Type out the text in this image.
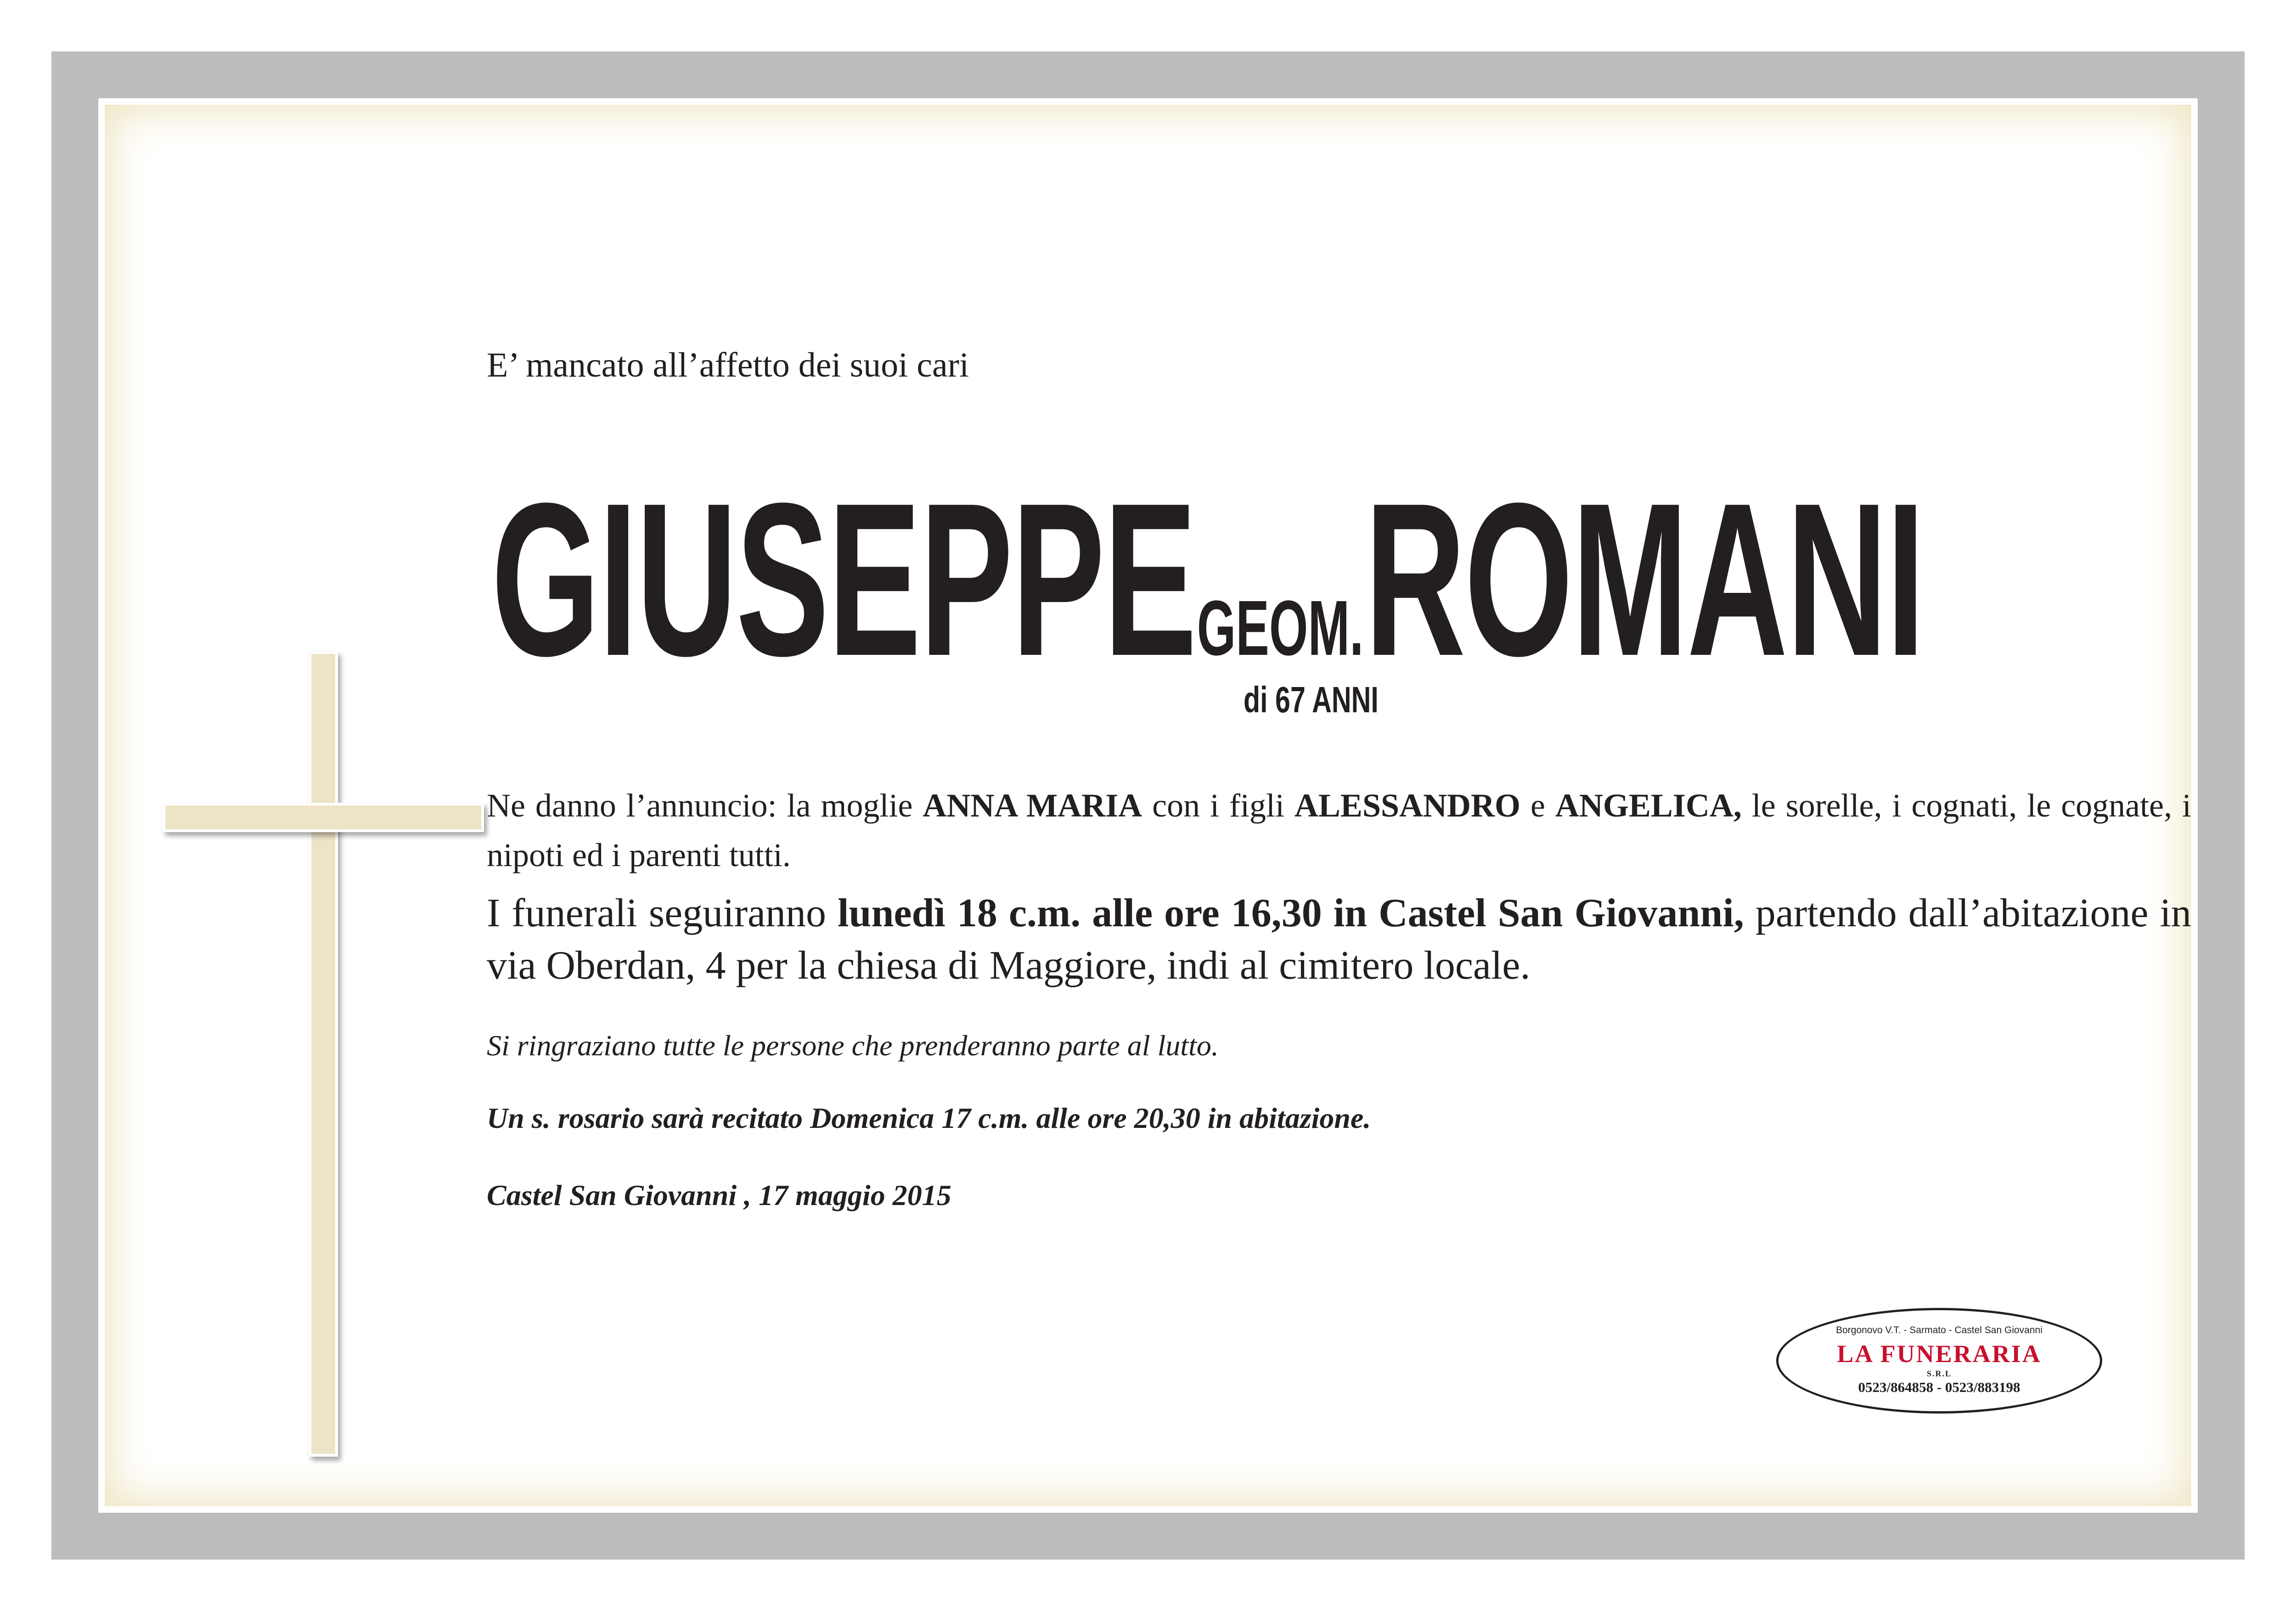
E’ mancato all’affetto dei suoi cari
GIUSEPPE GEOM. ROMANI
di 67 ANNI
Ne danno l’annuncio: la moglie ANNA MARIA con i figli ALESSANDRO e ANGELICA, le sorelle, i cognati, le cognate, i nipoti ed i parenti tutti.
I funerali seguiranno lunedì 18 c.m. alle ore 16,30 in Castel San Giovanni, partendo dall’abitazione in via Oberdan, 4 per la chiesa di Maggiore, indi al cimitero locale.
Si ringraziano tutte le persone che prenderanno parte al lutto.
Un s. rosario sarà recitato Domenica 17 c.m. alle ore 20,30 in abitazione.
Castel San Giovanni , 17 maggio 2015
Borgonovo V.T. - Sarmato - Castel San Giovanni
LA FUNERARIA
S.R.L
0523/864858 - 0523/883198
